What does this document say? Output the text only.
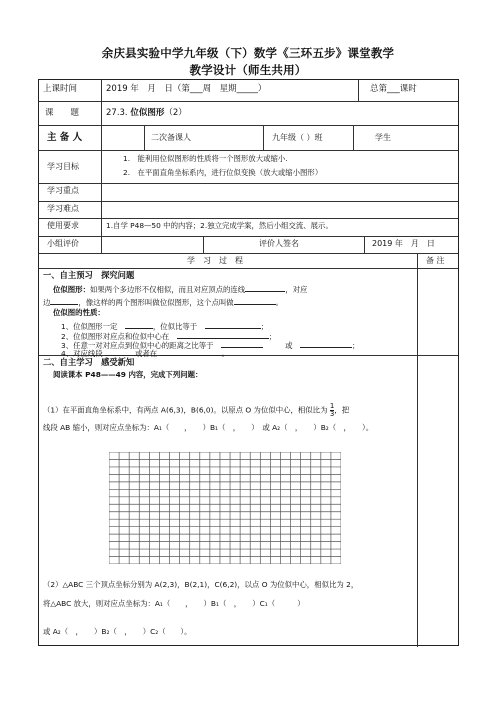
余庆县实验中学九年级（下）数学《三环五步》课堂教学
教学设计（师生共用）
上课时间	2019 年　月　日（第___周　星期_____）	总第___课时
课　　题	27.3. 位似图形（2）
主 备 人	二次备课人	九年级（ ）班	学生
学习目标
1.　能利用位似图形的性质将一个图形放大或缩小.
2.　在平面直角坐标系内，进行位似变换（放大或缩小图形）
学习重点
学习难点
使用要求	1.自学 P48—50 中的内容；2.独立完成学案，然后小组交流、展示。
小组评价	评价人签名	2019 年　月　日
学　习　过　程	备 注
一、自主预习　探究问题
位似图形：如果两个多边形不仅相似，而且对应顶点的连线	，对应
边	，像这样的两个图形叫做位似图形，这个点叫做	。
位似图的性质：
1、位似图形一定　	，位似比等于　	；
2、位似图形对应点和位似中心在　	；
3、任意一对对应点到位似中心的距离之比等于　　　　	或　	；
二、自主学习　感受新知
阅读课本 P48——49 内容，完成下列问题：
（1）在平面直角坐标系中，有两点 A(6,3)，B(6,0)。以原点 O 为位似中心，相似比为 $\frac{1}{3}$ ，把
线段 AB 缩小，则对应点坐标为：A₁（　　，　　）B₁（　，　　）　或 A₂（　，　　）B₂（　，　　）。
（2）△ABC 三个顶点坐标分别为 A(2,3)，B(2,1)，C(6,2)，以点 O 为位似中心，相似比为 2，
将△ABC 放大，则对应点坐标为：A₁（　　，　　）B₁（　，　　）C₁（　　　）
或 A₂（　，　　）B₂（　，　　）C₂（　　）。
4、对应线段	或者在	。
